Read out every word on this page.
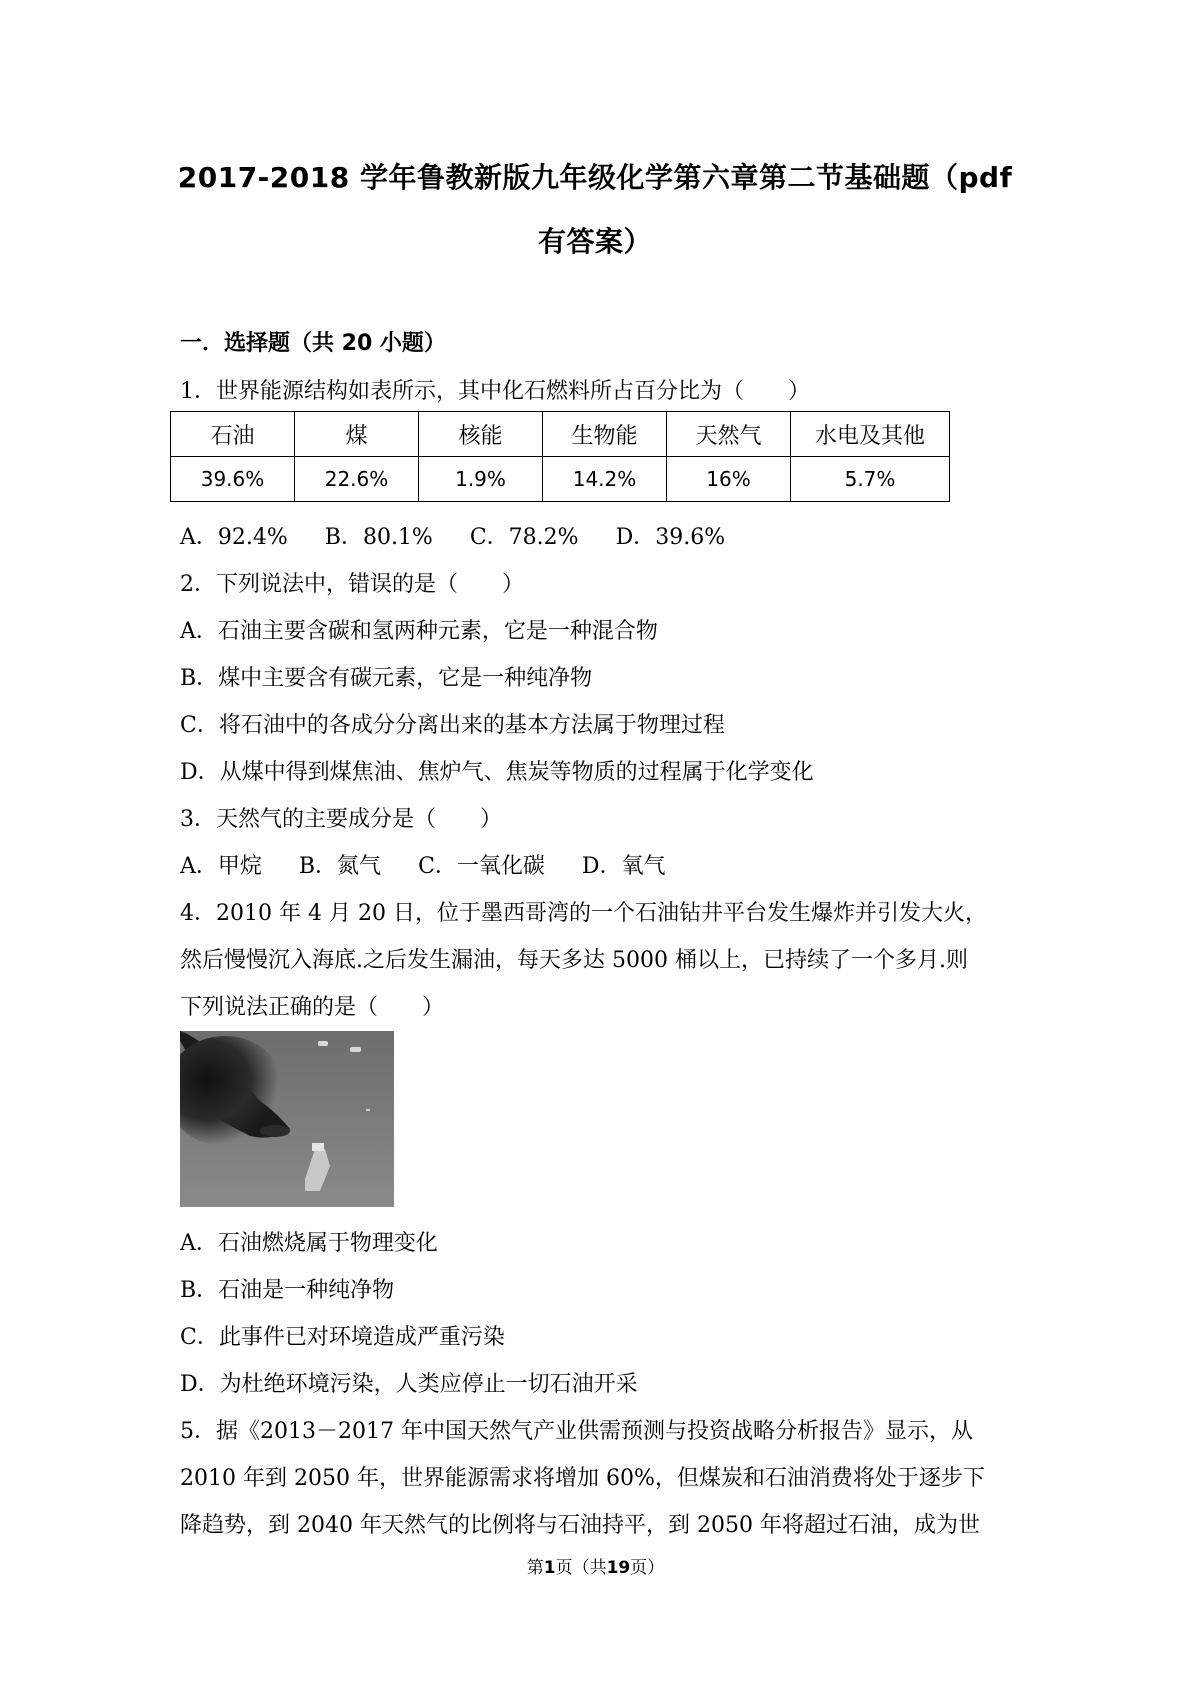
2017-2018 学年鲁教新版九年级化学第六章第二节基础题（pdf
有答案）
一．选择题（共 20 小题）
1．世界能源结构如表所示，其中化石燃料所占百分比为（　　）
石油	煤	核能	生物能	天然气	水电及其他
39.6%	22.6%	1.9%	14.2%	16%	5.7%
A．92.4% B．80.1% C．78.2% D．39.6%
2．下列说法中，错误的是（　　）
A．石油主要含碳和氢两种元素，它是一种混合物
B．煤中主要含有碳元素，它是一种纯净物
C．将石油中的各成分分离出来的基本方法属于物理过程
D．从煤中得到煤焦油、焦炉气、焦炭等物质的过程属于化学变化
3．天然气的主要成分是（　　）
A．甲烷 B．氮气 C．一氧化碳 D．氧气
4．2010 年 4 月 20 日，位于墨西哥湾的一个石油钻井平台发生爆炸并引发大火，
然后慢慢沉入海底.之后发生漏油，每天多达 5000 桶以上，已持续了一个多月.则
下列说法正确的是（　　）
A．石油燃烧属于物理变化
B．石油是一种纯净物
C．此事件已对环境造成严重污染
D．为杜绝环境污染，人类应停止一切石油开采
5．据《2013－2017 年中国天然气产业供需预测与投资战略分析报告》显示，从
2010 年到 2050 年，世界能源需求将增加 60%，但煤炭和石油消费将处于逐步下
降趋势，到 2040 年天然气的比例将与石油持平，到 2050 年将超过石油，成为世
第1页（共19页）
